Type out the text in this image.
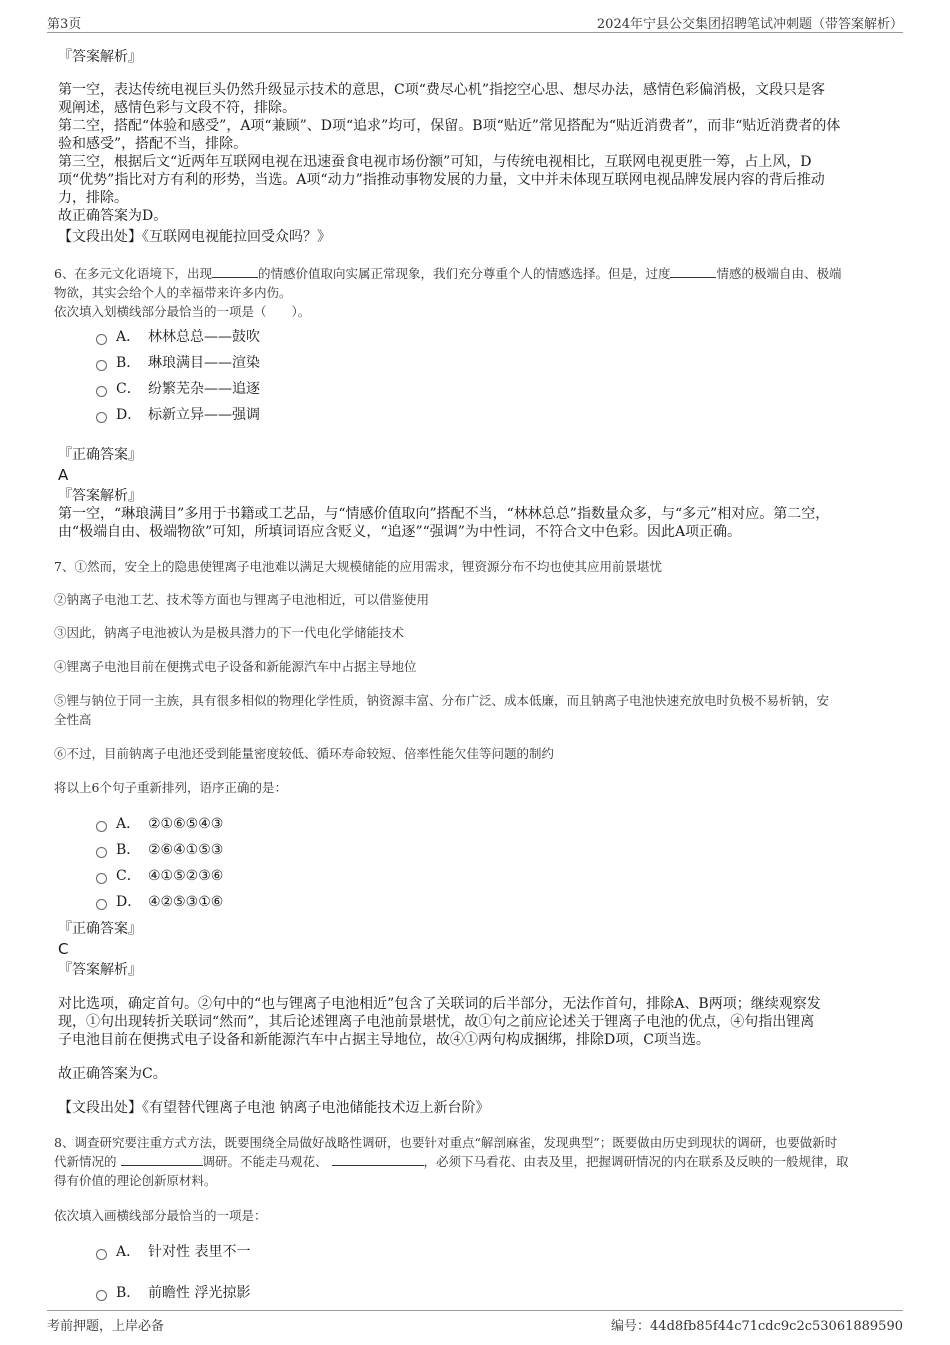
第3页	2024年宁县公交集团招聘笔试冲刺题（带答案解析）
『答案解析』

第一空，表达传统电视巨头仍然升级显示技术的意思，C项“费尽心机”指挖空心思、想尽办法，感情色彩偏消极，文段只是客

观阐述，感情色彩与文段不符，排除。

第二空，搭配“体验和感受”，A项“兼顾”、D项“追求”均可，保留。B项“贴近”常见搭配为“贴近消费者”，而非“贴近消费者的体

验和感受”，搭配不当，排除。

第三空，根据后文“近两年互联网电视在迅速蚕食电视市场份额”可知，与传统电视相比，互联网电视更胜一筹，占上风，D

项“优势”指比对方有利的形势，当选。A项“动力”指推动事物发展的力量，文中并未体现互联网电视品牌发展内容的背后推动

力，排除。

故正确答案为D。

【文段出处】《互联网电视能拉回受众吗？》
6、在多元文化语境下，出现	的情感价值取向实属正常现象，我们充分尊重个人的情感选择。但是，过度	情感的极端自由、极端
物欲，其实会给个人的幸福带来许多内伤。
依次填入划横线部分最恰当的一项是（　　）。
A． 林林总总——鼓吹
B． 琳琅满目——渲染
C． 纷繁芜杂——追逐
D． 标新立异——强调
『正确答案』
A
『答案解析』

第一空，“琳琅满目”多用于书籍或工艺品，与“情感价值取向”搭配不当，“林林总总”指数量众多，与“多元”相对应。第二空，

由“极端自由、极端物欲”可知，所填词语应含贬义，“追逐”“强调”为中性词，不符合文中色彩。因此A项正确。

7、①然而，安全上的隐患使锂离子电池难以满足大规模储能的应用需求，锂资源分布不均也使其应用前景堪忧
②钠离子电池工艺、技术等方面也与锂离子电池相近，可以借鉴使用
③因此，钠离子电池被认为是极具潜力的下一代电化学储能技术
④锂离子电池目前在便携式电子设备和新能源汽车中占据主导地位
⑤锂与钠位于同一主族，具有很多相似的物理化学性质，钠资源丰富、分布广泛、成本低廉，而且钠离子电池快速充放电时负极不易析钠，安
全性高
⑥不过，目前钠离子电池还受到能量密度较低、循环寿命较短、倍率性能欠佳等问题的制约
将以上6个句子重新排列，语序正确的是：
A． ②①⑥⑤④③
B． ②⑥④①⑤③
C． ④①⑤②③⑥
D． ④②⑤③①⑥
『正确答案』
C
『答案解析』

对比选项，确定首句。②句中的“也与锂离子电池相近”包含了关联词的后半部分，无法作首句，排除A、B两项；继续观察发

现，①句出现转折关联词“然而”，其后论述锂离子电池前景堪忧，故①句之前应论述关于锂离子电池的优点，④句指出锂离

子电池目前在便携式电子设备和新能源汽车中占据主导地位，故④①两句构成捆绑，排除D项，C项当选。

故正确答案为C。
【文段出处】《有望替代锂离子电池 钠离子电池储能技术迈上新台阶》
8、调查研究要注重方式方法，既要围绕全局做好战略性调研，也要针对重点“解剖麻雀，发现典型”；既要做由历史到现状的调研，也要做新时
代新情况的	调研。不能走马观花、	，必须下马看花、由表及里，把握调研情况的内在联系及反映的一般规律，取
得有价值的理论创新原材料。
依次填入画横线部分最恰当的一项是：
A． 针对性 表里不一
B． 前瞻性 浮光掠影
考前押题，上岸必备	编号：44d8fb85f44c71cdc9c2c53061889590
